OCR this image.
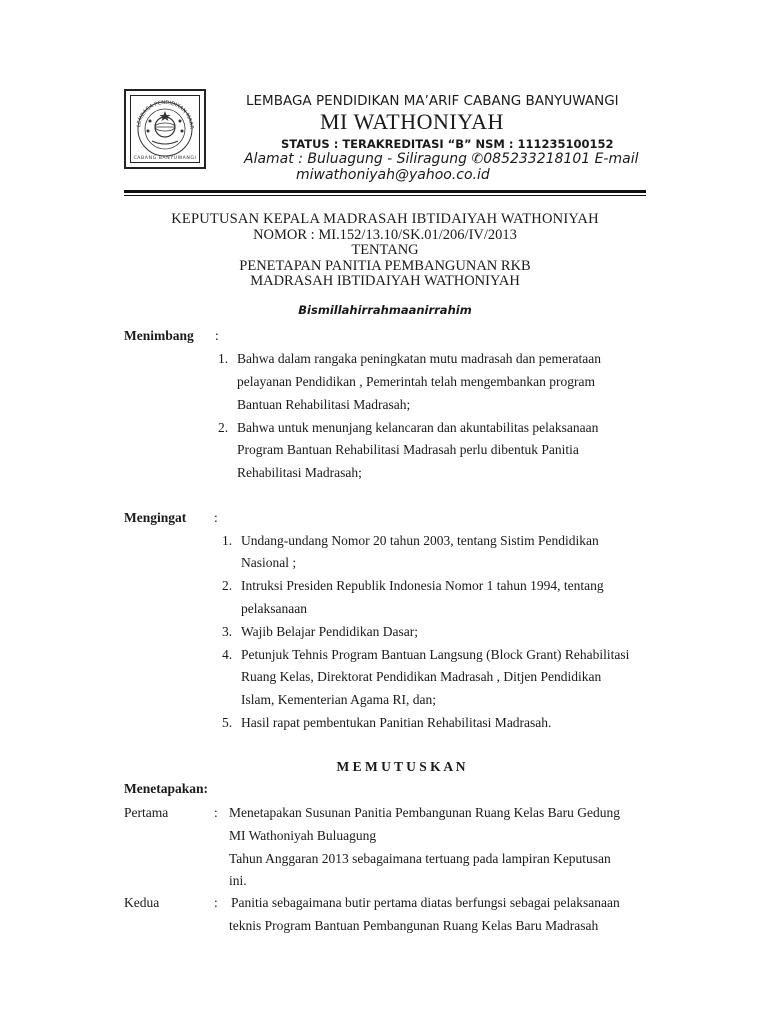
LEMBAGA PENDIDIKAN MAAR
CABANG BANYUWANGI
LEMBAGA PENDIDIKAN MA’ARIF CABANG BANYUWANGI
MI WATHONIYAH
STATUS : TERAKREDITASI “B” NSM : 111235100152
Alamat : Buluagung - Siliragung ✆085233218101 E-mail
miwathoniyah@yahoo.co.id
KEPUTUSAN KEPALA MADRASAH IBTIDAIYAH WATHONIYAH
NOMOR : MI.152/13.10/SK.01/206/IV/2013
TENTANG
PENETAPAN PANITIA PEMBANGUNAN RKB
MADRASAH IBTIDAIYAH WATHONIYAH
Bismillahirrahmaanirrahim
Menimbang :
1. Bahwa dalam rangaka peningkatan mutu madrasah dan pemerataan
pelayanan Pendidikan , Pemerintah telah mengembankan program
Bantuan Rehabilitasi Madrasah;
2. Bahwa untuk menunjang kelancaran dan akuntabilitas pelaksanaan
Program Bantuan Rehabilitasi Madrasah perlu dibentuk Panitia
Rehabilitasi Madrasah;
Mengingat :
1. Undang-undang Nomor 20 tahun 2003, tentang Sistim Pendidikan
Nasional ;
2. Intruksi Presiden Republik Indonesia Nomor 1 tahun 1994, tentang
pelaksanaan
3. Wajib Belajar Pendidikan Dasar;
4. Petunjuk Tehnis Program Bantuan Langsung (Block Grant) Rehabilitasi
Ruang Kelas, Direktorat Pendidikan Madrasah , Ditjen Pendidikan
Islam, Kementerian Agama RI, dan;
5. Hasil rapat pembentukan Panitian Rehabilitasi Madrasah.
M E M U T U S K A N
Menetapakan:
Pertama	: Menetapakan Susunan Panitia Pembangunan Ruang Kelas Baru Gedung
MI Wathoniyah Buluagung
Tahun Anggaran 2013 sebagaimana tertuang pada lampiran Keputusan
ini.
Kedua	: Panitia sebagaimana butir pertama diatas berfungsi sebagai pelaksanaan
teknis Program Bantuan Pembangunan Ruang Kelas Baru Madrasah
